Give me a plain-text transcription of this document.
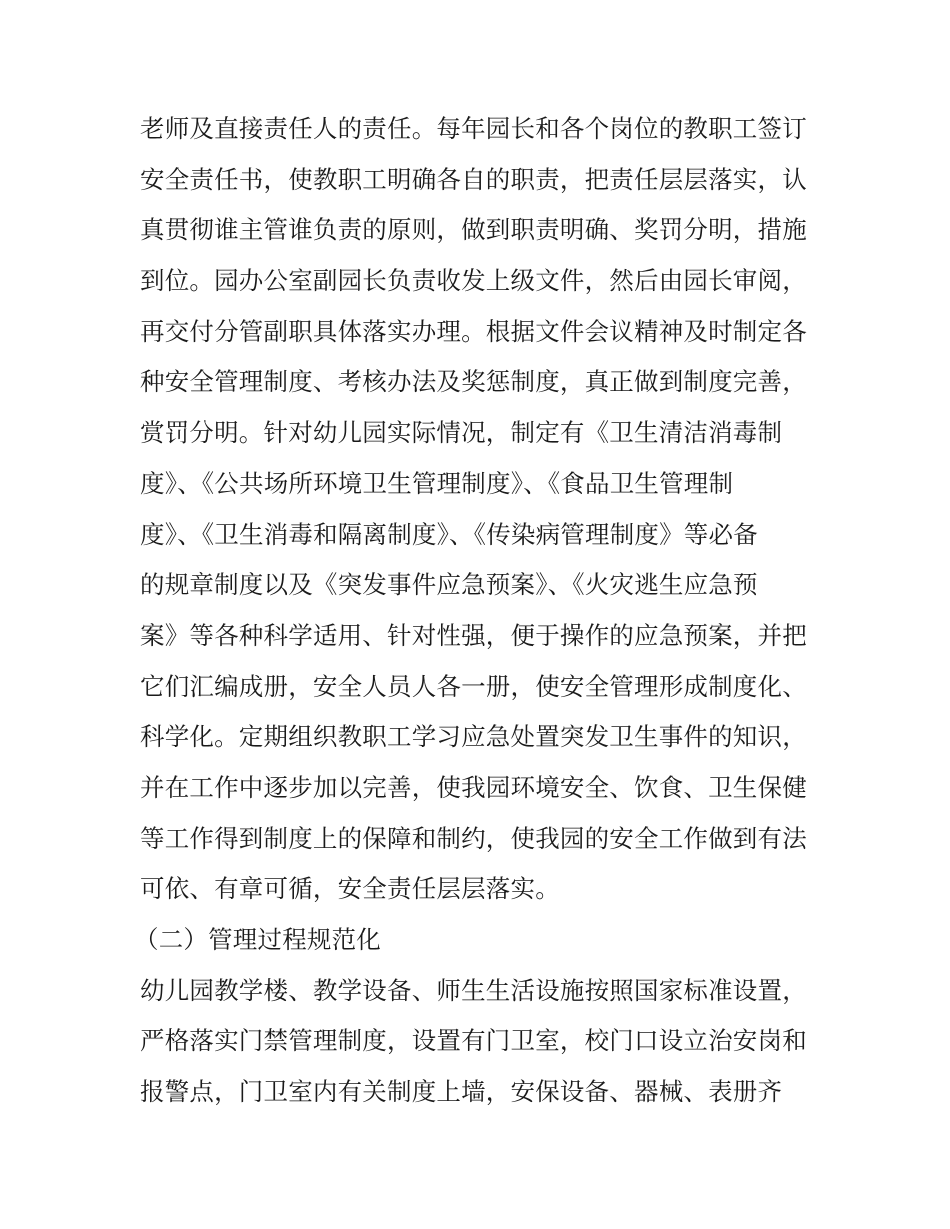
老师及直接责任人的责任。每年园长和各个岗位的教职工签订
安全责任书，使教职工明确各自的职责，把责任层层落实，认
真贯彻谁主管谁负责的原则，做到职责明确、奖罚分明，措施
到位。园办公室副园长负责收发上级文件，然后由园长审阅，
再交付分管副职具体落实办理。根据文件会议精神及时制定各
种安全管理制度、考核办法及奖惩制度，真正做到制度完善，
赏罚分明。针对幼儿园实际情况，制定有《卫生清洁消毒制
度》、《公共场所环境卫生管理制度》、《食品卫生管理制
度》、《卫生消毒和隔离制度》、《传染病管理制度》等必备
的规章制度以及《突发事件应急预案》、《火灾逃生应急预
案》等各种科学适用、针对性强，便于操作的应急预案，并把
它们汇编成册，安全人员人各一册，使安全管理形成制度化、
科学化。定期组织教职工学习应急处置突发卫生事件的知识，
并在工作中逐步加以完善，使我园环境安全、饮食、卫生保健
等工作得到制度上的保障和制约，使我园的安全工作做到有法
可依、有章可循，安全责任层层落实。
（二）管理过程规范化
幼儿园教学楼、教学设备、师生生活设施按照国家标准设置，
严格落实门禁管理制度，设置有门卫室，校门口设立治安岗和
报警点，门卫室内有关制度上墙，安保设备、器械、表册齐
